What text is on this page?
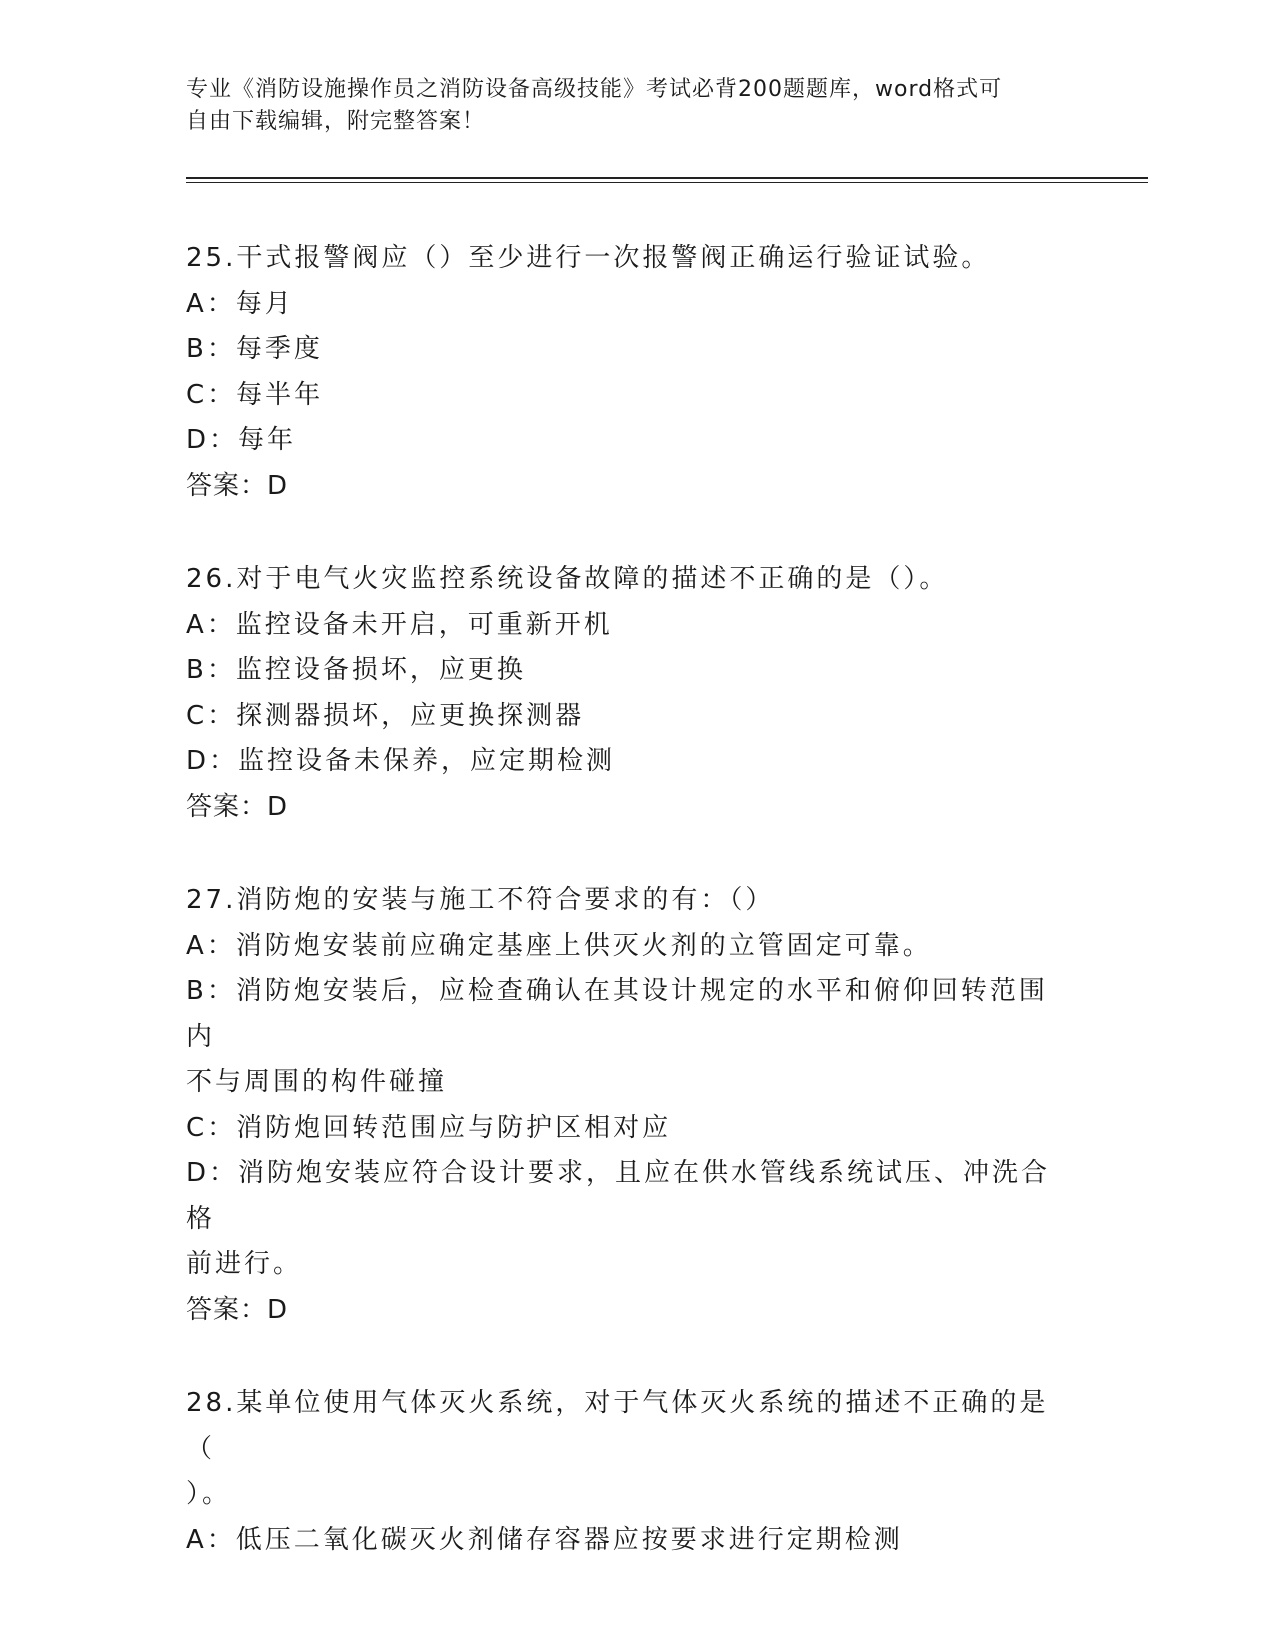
专业《消防设施操作员之消防设备高级技能》考试必背200题题库，word格式可
自由下载编辑，附完整答案！
25.干式报警阀应（）至少进行一次报警阀正确运行验证试验。
A：每月
B：每季度
C：每半年
D：每年
答案：D
26.对于电气火灾监控系统设备故障的描述不正确的是（）。
A：监控设备未开启，可重新开机
B：监控设备损坏，应更换
C：探测器损坏，应更换探测器
D：监控设备未保养，应定期检测
答案：D
27.消防炮的安装与施工不符合要求的有：（）
A：消防炮安装前应确定基座上供灭火剂的立管固定可靠。
B：消防炮安装后，应检查确认在其设计规定的水平和俯仰回转范围内
不与周围的构件碰撞
C：消防炮回转范围应与防护区相对应
D：消防炮安装应符合设计要求，且应在供水管线系统试压、冲洗合格
前进行。
答案：D
28.某单位使用气体灭火系统，对于气体灭火系统的描述不正确的是（
）。
A：低压二氧化碳灭火剂储存容器应按要求进行定期检测
